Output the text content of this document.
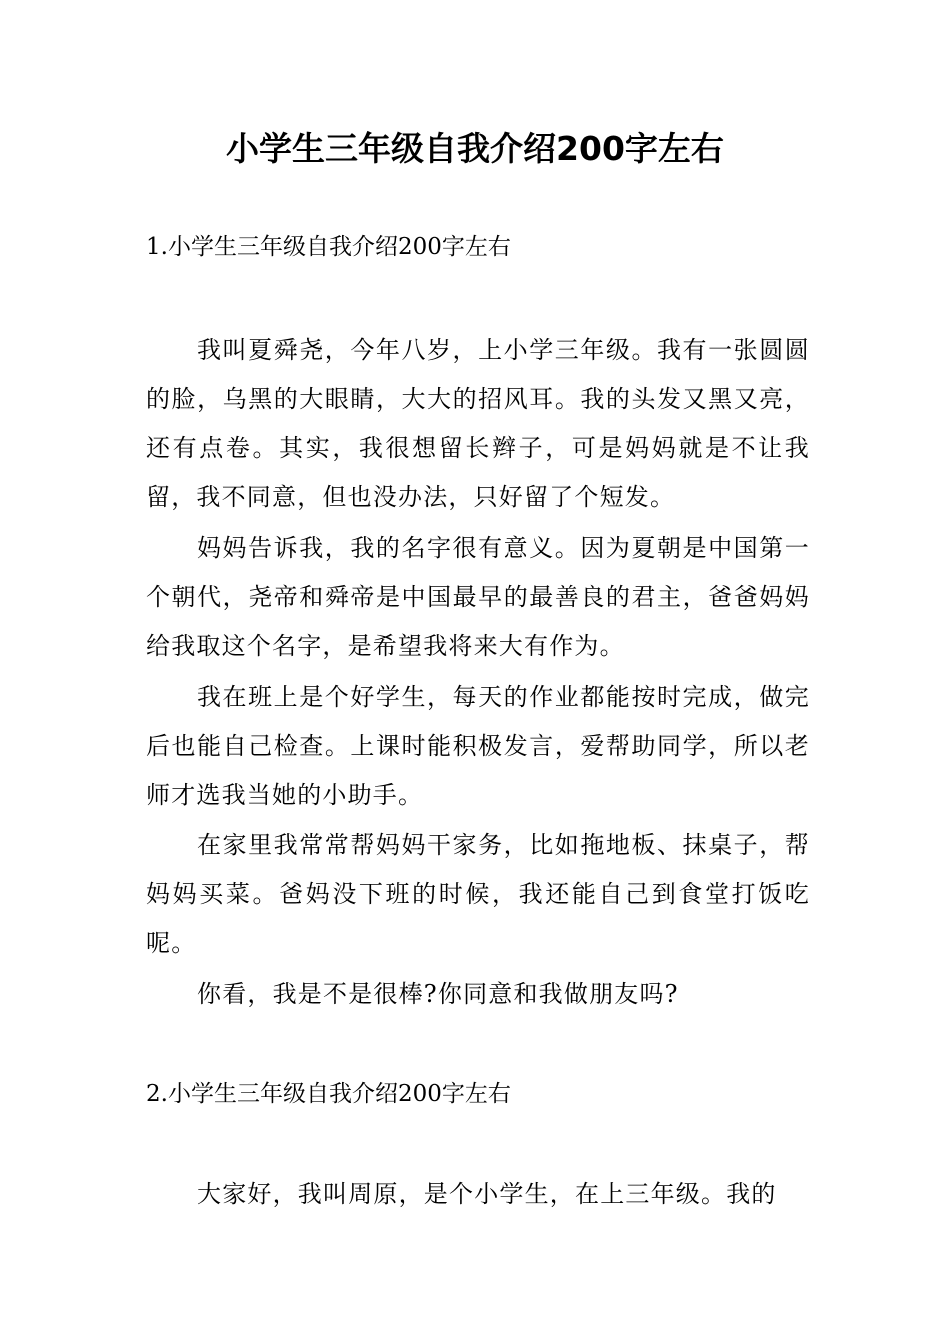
小学生三年级自我介绍200字左右
1.小学生三年级自我介绍200字左右

我叫夏舜尧，今年八岁，上小学三年级。我有一张圆圆的脸，乌黑的大眼睛，大大的招风耳。我的头发又黑又亮，还有点卷。其实，我很想留长辫子，可是妈妈就是不让我留，我不同意，但也没办法，只好留了个短发。

妈妈告诉我，我的名字很有意义。因为夏朝是中国第一个朝代，尧帝和舜帝是中国最早的最善良的君主，爸爸妈妈给我取这个名字，是希望我将来大有作为。

我在班上是个好学生，每天的作业都能按时完成，做完后也能自己检查。上课时能积极发言，爱帮助同学，所以老师才选我当她的小助手。

在家里我常常帮妈妈干家务，比如拖地板、抹桌子，帮妈妈买菜。爸妈没下班的时候，我还能自己到食堂打饭吃呢。

你看，我是不是很棒?你同意和我做朋友吗?

2.小学生三年级自我介绍200字左右

大家好，我叫周原，是个小学生，在上三年级。我的
